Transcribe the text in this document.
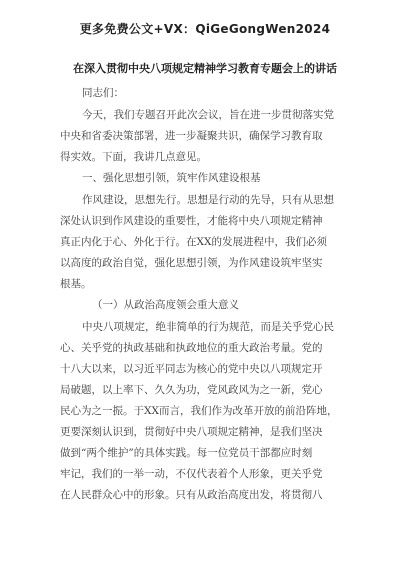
更多免费公文+VX：QiGeGongWen2024
在深入贯彻中央八项规定精神学习教育专题会上的讲话
同志们：
今天，我们专题召开此次会议，旨在进一步贯彻落实党
中央和省委决策部署，进一步凝聚共识，确保学习教育取
得实效。下面，我讲几点意见。
一、强化思想引领，筑牢作风建设根基
作风建设，思想先行。思想是行动的先导，只有从思想
深处认识到作风建设的重要性，才能将中央八项规定精神
真正内化于心、外化于行。在XX的发展进程中，我们必须
以高度的政治自觉，强化思想引领，为作风建设筑牢坚实
根基。
（一）从政治高度领会重大意义
中央八项规定，绝非简单的行为规范，而是关乎党心民
心、关乎党的执政基础和执政地位的重大政治考量。党的
十八大以来，以习近平同志为核心的党中央以八项规定开
局破题，以上率下、久久为功，党风政风为之一新，党心
民心为之一振。于XX而言，我们作为改革开放的前沿阵地，
更要深刻认识到，贯彻好中央八项规定精神，是我们坚决
做到“两个维护”的具体实践。每一位党员干部都应时刻
牢记，我们的一举一动，不仅代表着个人形象，更关乎党
在人民群众心中的形象。只有从政治高度出发，将贯彻八
